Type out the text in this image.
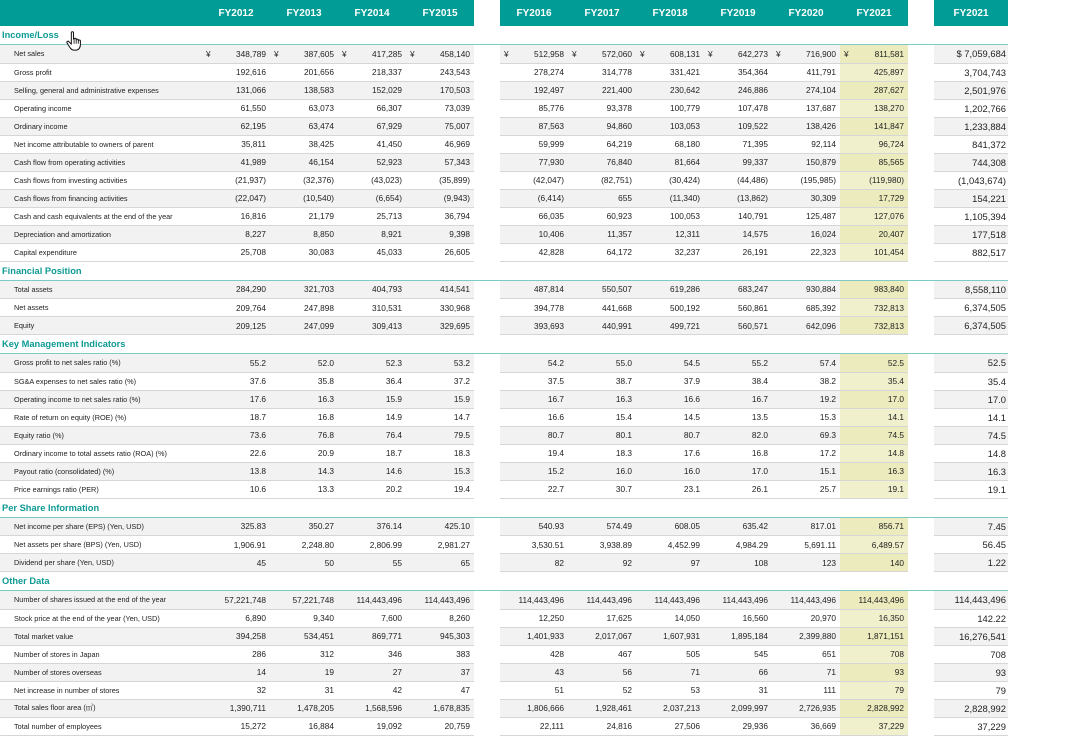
	FY2012	FY2013	FY2014	FY2015		FY2016	FY2017	FY2018	FY2019	FY2020	FY2021		FY2021
Income/Loss													
Net sales	¥ 348,789	¥ 387,605	¥ 417,285	¥ 458,140		¥ 512,958	¥ 572,060	¥ 608,131	¥ 642,273	¥ 716,900	¥ 811,581		$ 7,059,684
Gross profit	192,616	201,656	218,337	243,543		278,274	314,778	331,421	354,364	411,791	425,897		3,704,743
Selling, general and administrative expenses	131,066	138,583	152,029	170,503		192,497	221,400	230,642	246,886	274,104	287,627		2,501,976
Operating income	61,550	63,073	66,307	73,039		85,776	93,378	100,779	107,478	137,687	138,270		1,202,766
Ordinary income	62,195	63,474	67,929	75,007		87,563	94,860	103,053	109,522	138,426	141,847		1,233,884
Net income attributable to owners of parent	35,811	38,425	41,450	46,969		59,999	64,219	68,180	71,395	92,114	96,724		841,372
Cash flow from operating activities	41,989	46,154	52,923	57,343		77,930	76,840	81,664	99,337	150,879	85,565		744,308
Cash flows from investing activities	(21,937)	(32,376)	(43,023)	(35,899)		(42,047)	(82,751)	(30,424)	(44,486)	(195,985)	(119,980)		(1,043,674)
Cash flows from financing activities	(22,047)	(10,540)	(6,654)	(9,943)		(6,414)	655	(11,340)	(13,862)	30,309	17,729		154,221
Cash and cash equivalents at the end of the year	16,816	21,179	25,713	36,794		66,035	60,923	100,053	140,791	125,487	127,076		1,105,394
Depreciation and amortization	8,227	8,850	8,921	9,398		10,406	11,357	12,311	14,575	16,024	20,407		177,518
Capital expenditure	25,708	30,083	45,033	26,605		42,828	64,172	32,237	26,191	22,323	101,454		882,517
Financial Position													
Total assets	284,290	321,703	404,793	414,541		487,814	550,507	619,286	683,247	930,884	983,840		8,558,110
Net assets	209,764	247,898	310,531	330,968		394,778	441,668	500,192	560,861	685,392	732,813		6,374,505
Equity	209,125	247,099	309,413	329,695		393,693	440,991	499,721	560,571	642,096	732,813		6,374,505
Key Management Indicators													
Gross profit to net sales ratio (%)	55.2	52.0	52.3	53.2		54.2	55.0	54.5	55.2	57.4	52.5		52.5
SG&A expenses to net sales ratio (%)	37.6	35.8	36.4	37.2		37.5	38.7	37.9	38.4	38.2	35.4		35.4
Operating income to net sales ratio (%)	17.6	16.3	15.9	15.9		16.7	16.3	16.6	16.7	19.2	17.0		17.0
Rate of return on equity (ROE) (%)	18.7	16.8	14.9	14.7		16.6	15.4	14.5	13.5	15.3	14.1		14.1
Equity ratio (%)	73.6	76.8	76.4	79.5		80.7	80.1	80.7	82.0	69.3	74.5		74.5
Ordinary income to total assets ratio (ROA) (%)	22.6	20.9	18.7	18.3		19.4	18.3	17.6	16.8	17.2	14.8		14.8
Payout ratio (consolidated) (%)	13.8	14.3	14.6	15.3		15.2	16.0	16.0	17.0	15.1	16.3		16.3
Price earnings ratio (PER)	10.6	13.3	20.2	19.4		22.7	30.7	23.1	26.1	25.7	19.1		19.1
Per Share Information													
Net income per share (EPS) (Yen, USD)	325.83	350.27	376.14	425.10		540.93	574.49	608.05	635.42	817.01	856.71		7.45
Net assets per share (BPS) (Yen, USD)	1,906.91	2,248.80	2,806.99	2,981.27		3,530.51	3,938.89	4,452.99	4,984.29	5,691.11	6,489.57		56.45
Dividend per share (Yen, USD)	45	50	55	65		82	92	97	108	123	140		1.22
Other Data													
Number of shares issued at the end of the year	57,221,748	57,221,748	114,443,496	114,443,496		114,443,496	114,443,496	114,443,496	114,443,496	114,443,496	114,443,496		114,443,496
Stock price at the end of the year (Yen, USD)	6,890	9,340	7,600	8,260		12,250	17,625	14,050	16,560	20,970	16,350		142.22
Total market value	394,258	534,451	869,771	945,303		1,401,933	2,017,067	1,607,931	1,895,184	2,399,880	1,871,151		16,276,541
Number of stores in Japan	286	312	346	383		428	467	505	545	651	708		708
Number of stores overseas	14	19	27	37		43	56	71	66	71	93		93
Net increase in number of stores	32	31	42	47		51	52	53	31	111	79		79
Total sales floor area (㎡)	1,390,711	1,478,205	1,568,596	1,678,835		1,806,666	1,928,461	2,037,213	2,099,997	2,726,935	2,828,992		2,828,992
Total number of employees	15,272	16,884	19,092	20,759		22,111	24,816	27,506	29,936	36,669	37,229		37,229
